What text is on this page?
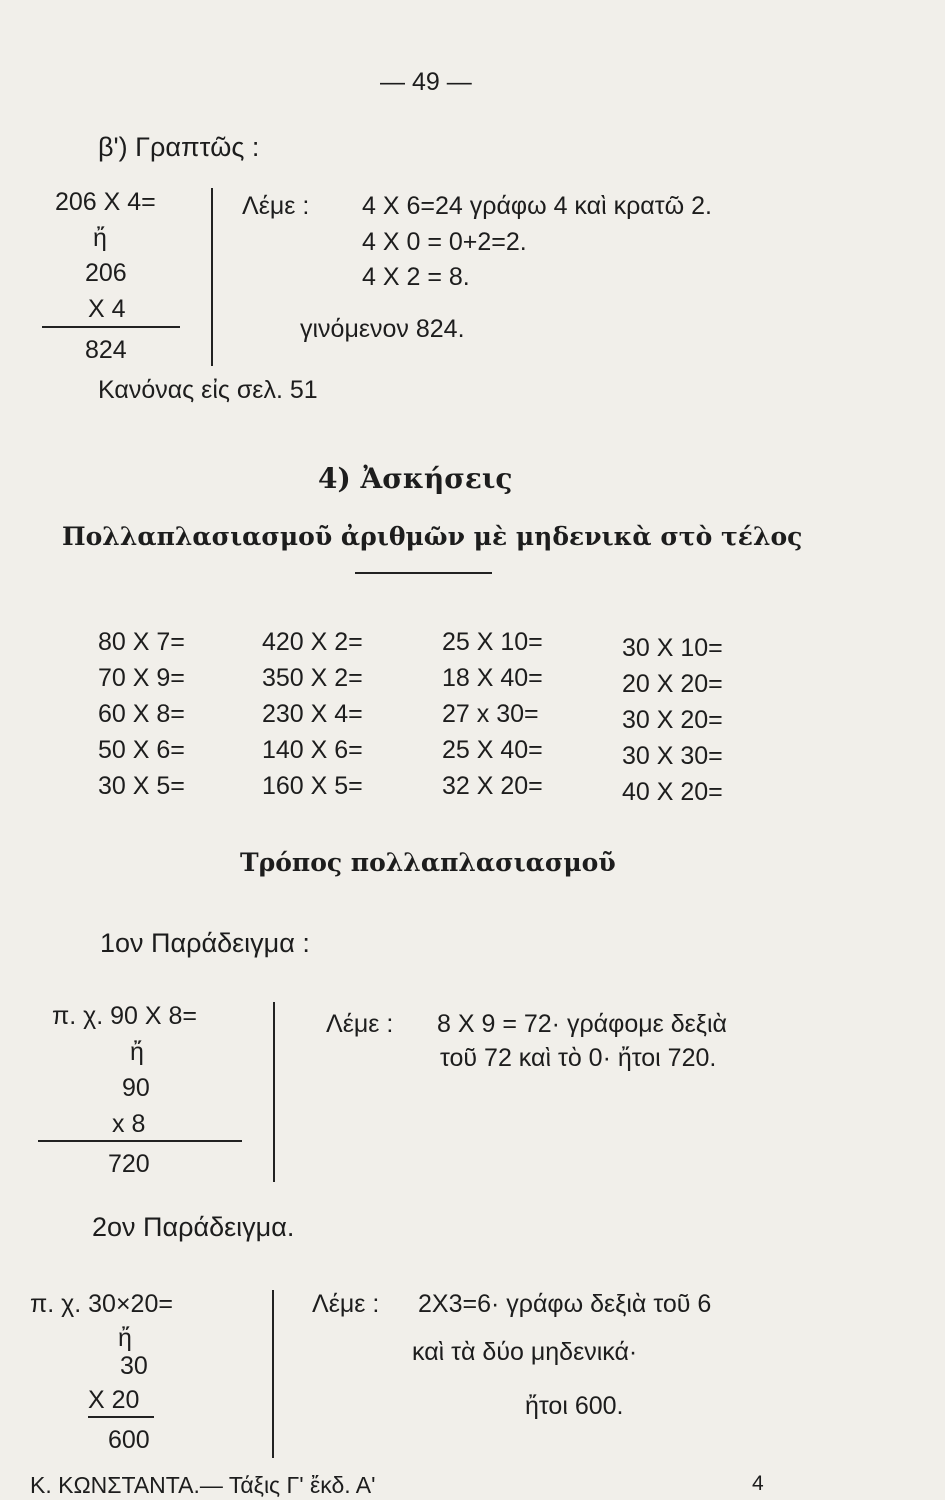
— 49 —
β') Γραπτῶς :
206 X 4=
ἤ
206
X 4
824
Λέμε : 4 X 6=24 γράφω 4 καὶ κρατῶ 2.
4 X 0 = 0+2=2.
4 X 2 = 8.
γινόμενον 824.
Κανόνας εἰς σελ. 51
4) Ἀσκήσεις
Πολλαπλασιασμοῦ ἀριθμῶν μὲ μηδενικὰ στὸ τέλος
80 X 7=
70 X 9=
60 X 8=
50 X 6=
30 X 5=
420 X 2=
350 X 2=
230 X 4=
140 X 6=
160 X 5=
25 X 10=
18 X 40=
27 x 30=
25 X 40=
32 X 20=
30 X 10=
20 X 20=
30 X 20=
30 X 30=
40 X 20=
Τρόπος πολλαπλασιασμοῦ
1ον Παράδειγμα :
π. χ. 90 X 8=
ἤ
90
x 8
720
Λέμε : 8 X 9 = 72· γράφομε δεξιὰ
τοῦ 72 καὶ τὸ 0· ἤτοι 720.
2ον Παράδειγμα.
π. χ. 30×20=
ἤ
30
X 20
600
Λέμε : 2X3=6· γράφω δεξιὰ τοῦ 6
καὶ τὰ δύο μηδενικά·
ἤτοι 600.
Κ. ΚΩΝΣΤΑΝΤΑ.— Τάξις Γ' ἔκδ. Α'	4
